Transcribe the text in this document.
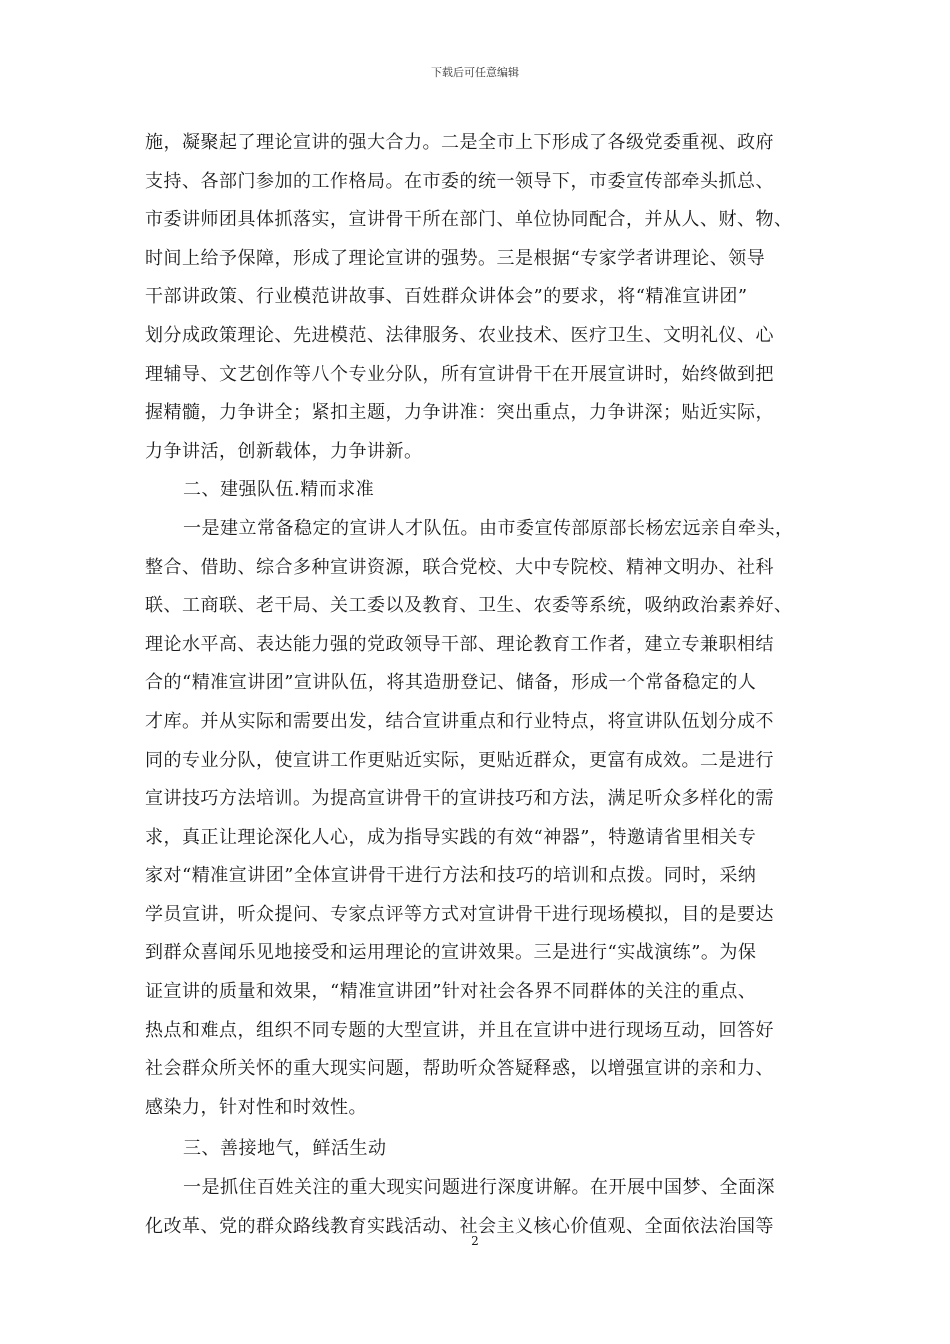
下载后可任意编辑
施，凝聚起了理论宣讲的强大合力。二是全市上下形成了各级党委重视、政府
支持、各部门参加的工作格局。在市委的统一领导下，市委宣传部牵头抓总、
市委讲师团具体抓落实，宣讲骨干所在部门、单位协同配合，并从人、财、物、
时间上给予保障，形成了理论宣讲的强势。三是根据“专家学者讲理论、领导
干部讲政策、行业模范讲故事、百姓群众讲体会”的要求，将“精准宣讲团”
划分成政策理论、先进模范、法律服务、农业技术、医疗卫生、文明礼仪、心
理辅导、文艺创作等八个专业分队，所有宣讲骨干在开展宣讲时，始终做到把
握精髓，力争讲全；紧扣主题，力争讲准：突出重点，力争讲深；贴近实际，
力争讲活，创新载体，力争讲新。
二、建强队伍.精而求准
一是建立常备稳定的宣讲人才队伍。由市委宣传部原部长杨宏远亲自牵头，
整合、借助、综合多种宣讲资源，联合党校、大中专院校、精神文明办、社科
联、工商联、老干局、关工委以及教育、卫生、农委等系统，吸纳政治素养好、
理论水平高、表达能力强的党政领导干部、理论教育工作者，建立专兼职相结
合的“精准宣讲团”宣讲队伍，将其造册登记、储备，形成一个常备稳定的人
才库。并从实际和需要出发，结合宣讲重点和行业特点，将宣讲队伍划分成不
同的专业分队，使宣讲工作更贴近实际，更贴近群众，更富有成效。二是进行
宣讲技巧方法培训。为提高宣讲骨干的宣讲技巧和方法，满足听众多样化的需
求，真正让理论深化人心，成为指导实践的有效“神器”，特邀请省里相关专
家对“精准宣讲团”全体宣讲骨干进行方法和技巧的培训和点拨。同时，采纳
学员宣讲，听众提问、专家点评等方式对宣讲骨干进行现场模拟，目的是要达
到群众喜闻乐见地接受和运用理论的宣讲效果。三是进行“实战演练”。为保
证宣讲的质量和效果，“精准宣讲团”针对社会各界不同群体的关注的重点、
热点和难点，组织不同专题的大型宣讲，并且在宣讲中进行现场互动，回答好
社会群众所关怀的重大现实问题，帮助听众答疑释惑，以增强宣讲的亲和力、
感染力，针对性和时效性。
三、善接地气，鲜活生动
一是抓住百姓关注的重大现实问题进行深度讲解。在开展中国梦、全面深
化改革、党的群众路线教育实践活动、社会主义核心价值观、全面依法治国等
2
